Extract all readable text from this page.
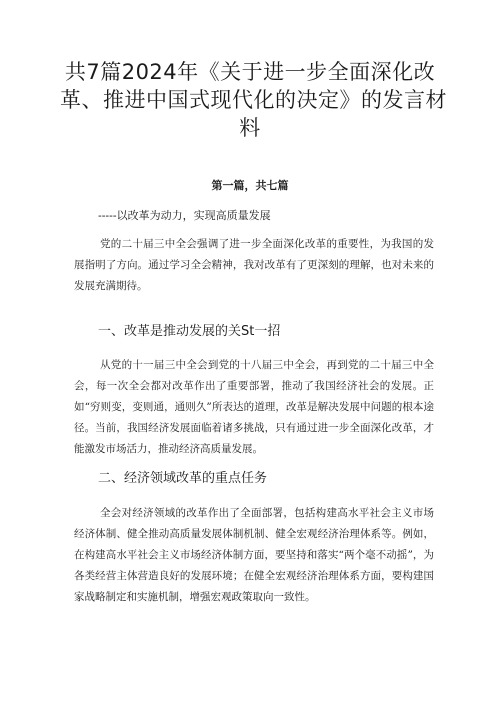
共7篇2024年《关于进一步全面深化改
革、推进中国式现代化的决定》的发言材
料
第一篇，共七篇
-----以改革为动力，实现高质量发展
党的二十届三中全会强调了进一步全面深化改革的重要性，为我国的发展指明了方向。通过学习全会精神，我对改革有了更深刻的理解，也对未来的发展充满期待。
一、改革是推动发展的关St一招
从党的十一届三中全会到党的十八届三中全会，再到党的二十届三中全会，每一次全会都对改革作出了重要部署，推动了我国经济社会的发展。正如“穷则变，变则通，通则久”所表达的道理，改革是解决发展中问题的根本途径。当前，我国经济发展面临着诸多挑战，只有通过进一步全面深化改革，才能激发市场活力，推动经济高质量发展。
二、经济领域改革的重点任务
全会对经济领域的改革作出了全面部署，包括构建高水平社会主义市场经济体制、健全推动高质量发展体制机制、健全宏观经济治理体系等。例如，在构建高水平社会主义市场经济体制方面，要坚持和落实“两个毫不动摇”，为各类经营主体营造良好的发展环境；在健全宏观经济治理体系方面，要构建国家战略制定和实施机制，增强宏观政策取向一致性。
